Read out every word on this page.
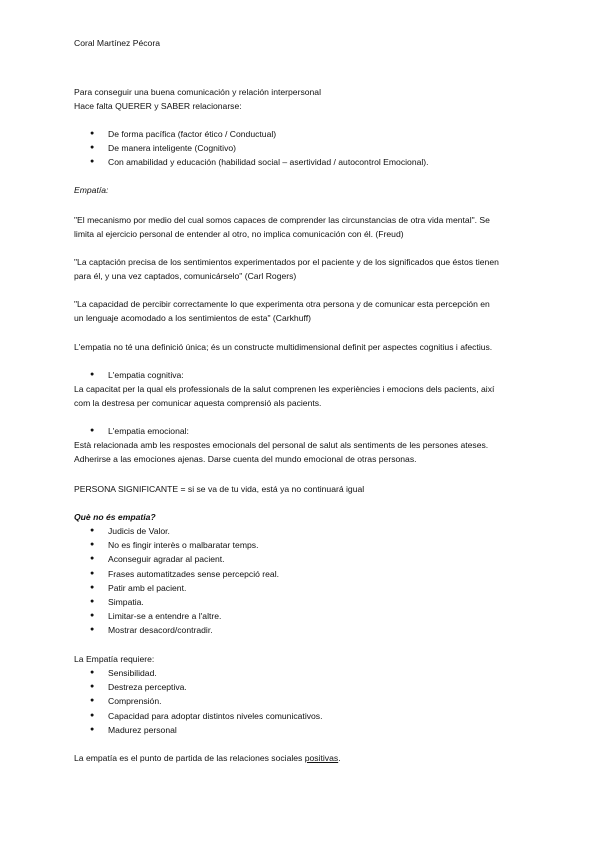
Coral Martínez Pécora

Para conseguir una buena comunicación y relación interpersonal

Hace falta QUERER y SABER relacionarse:

● De forma pacífica (factor ético / Conductual)
● De manera inteligente (Cognitivo)
● Con amabilidad y educación (habilidad social – asertividad / autocontrol Emocional).

Empatía:

"El mecanismo por medio del cual somos capaces de comprender las circunstancias de otra vida mental". Se

limita al ejercicio personal de entender al otro, no implica comunicación con él. (Freud)

"La captación precisa de los sentimientos experimentados por el paciente y de los significados que éstos tienen

para él, y una vez captados, comunicárselo" (Carl Rogers)

"La capacidad de percibir correctamente lo que experimenta otra persona y de comunicar esta percepción en

un lenguaje acomodado a los sentimientos de esta" (Carkhuff)

L'empatia no té una definició única; és un constructe multidimensional definit per aspectes cognitius i afectius.

● L'empatia cognitiva:

La capacitat per la qual els professionals de la salut comprenen les experiències i emocions dels pacients, així

com la destresa per comunicar aquesta comprensió als pacients.

● L'empatia emocional:

Està relacionada amb les respostes emocionals del personal de salut als sentiments de les persones ateses.

Adherirse a las emociones ajenas. Darse cuenta del mundo emocional de otras personas.

PERSONA SIGNIFICANTE = si se va de tu vida, está ya no continuará igual

Què no és empatia?

● Judicis de Valor.
● No es fingir interès o malbaratar temps.
● Aconseguir agradar al pacient.
● Frases automatitzades sense percepció real.
● Patir amb el pacient.
● Simpatia.
● Limitar-se a entendre a l'altre.
● Mostrar desacord/contradir.

La Empatía requiere:

● Sensibilidad.
● Destreza perceptiva.
● Comprensión.
● Capacidad para adoptar distintos niveles comunicativos.
● Madurez personal

La empatía es el punto de partida de las relaciones sociales positivas.
